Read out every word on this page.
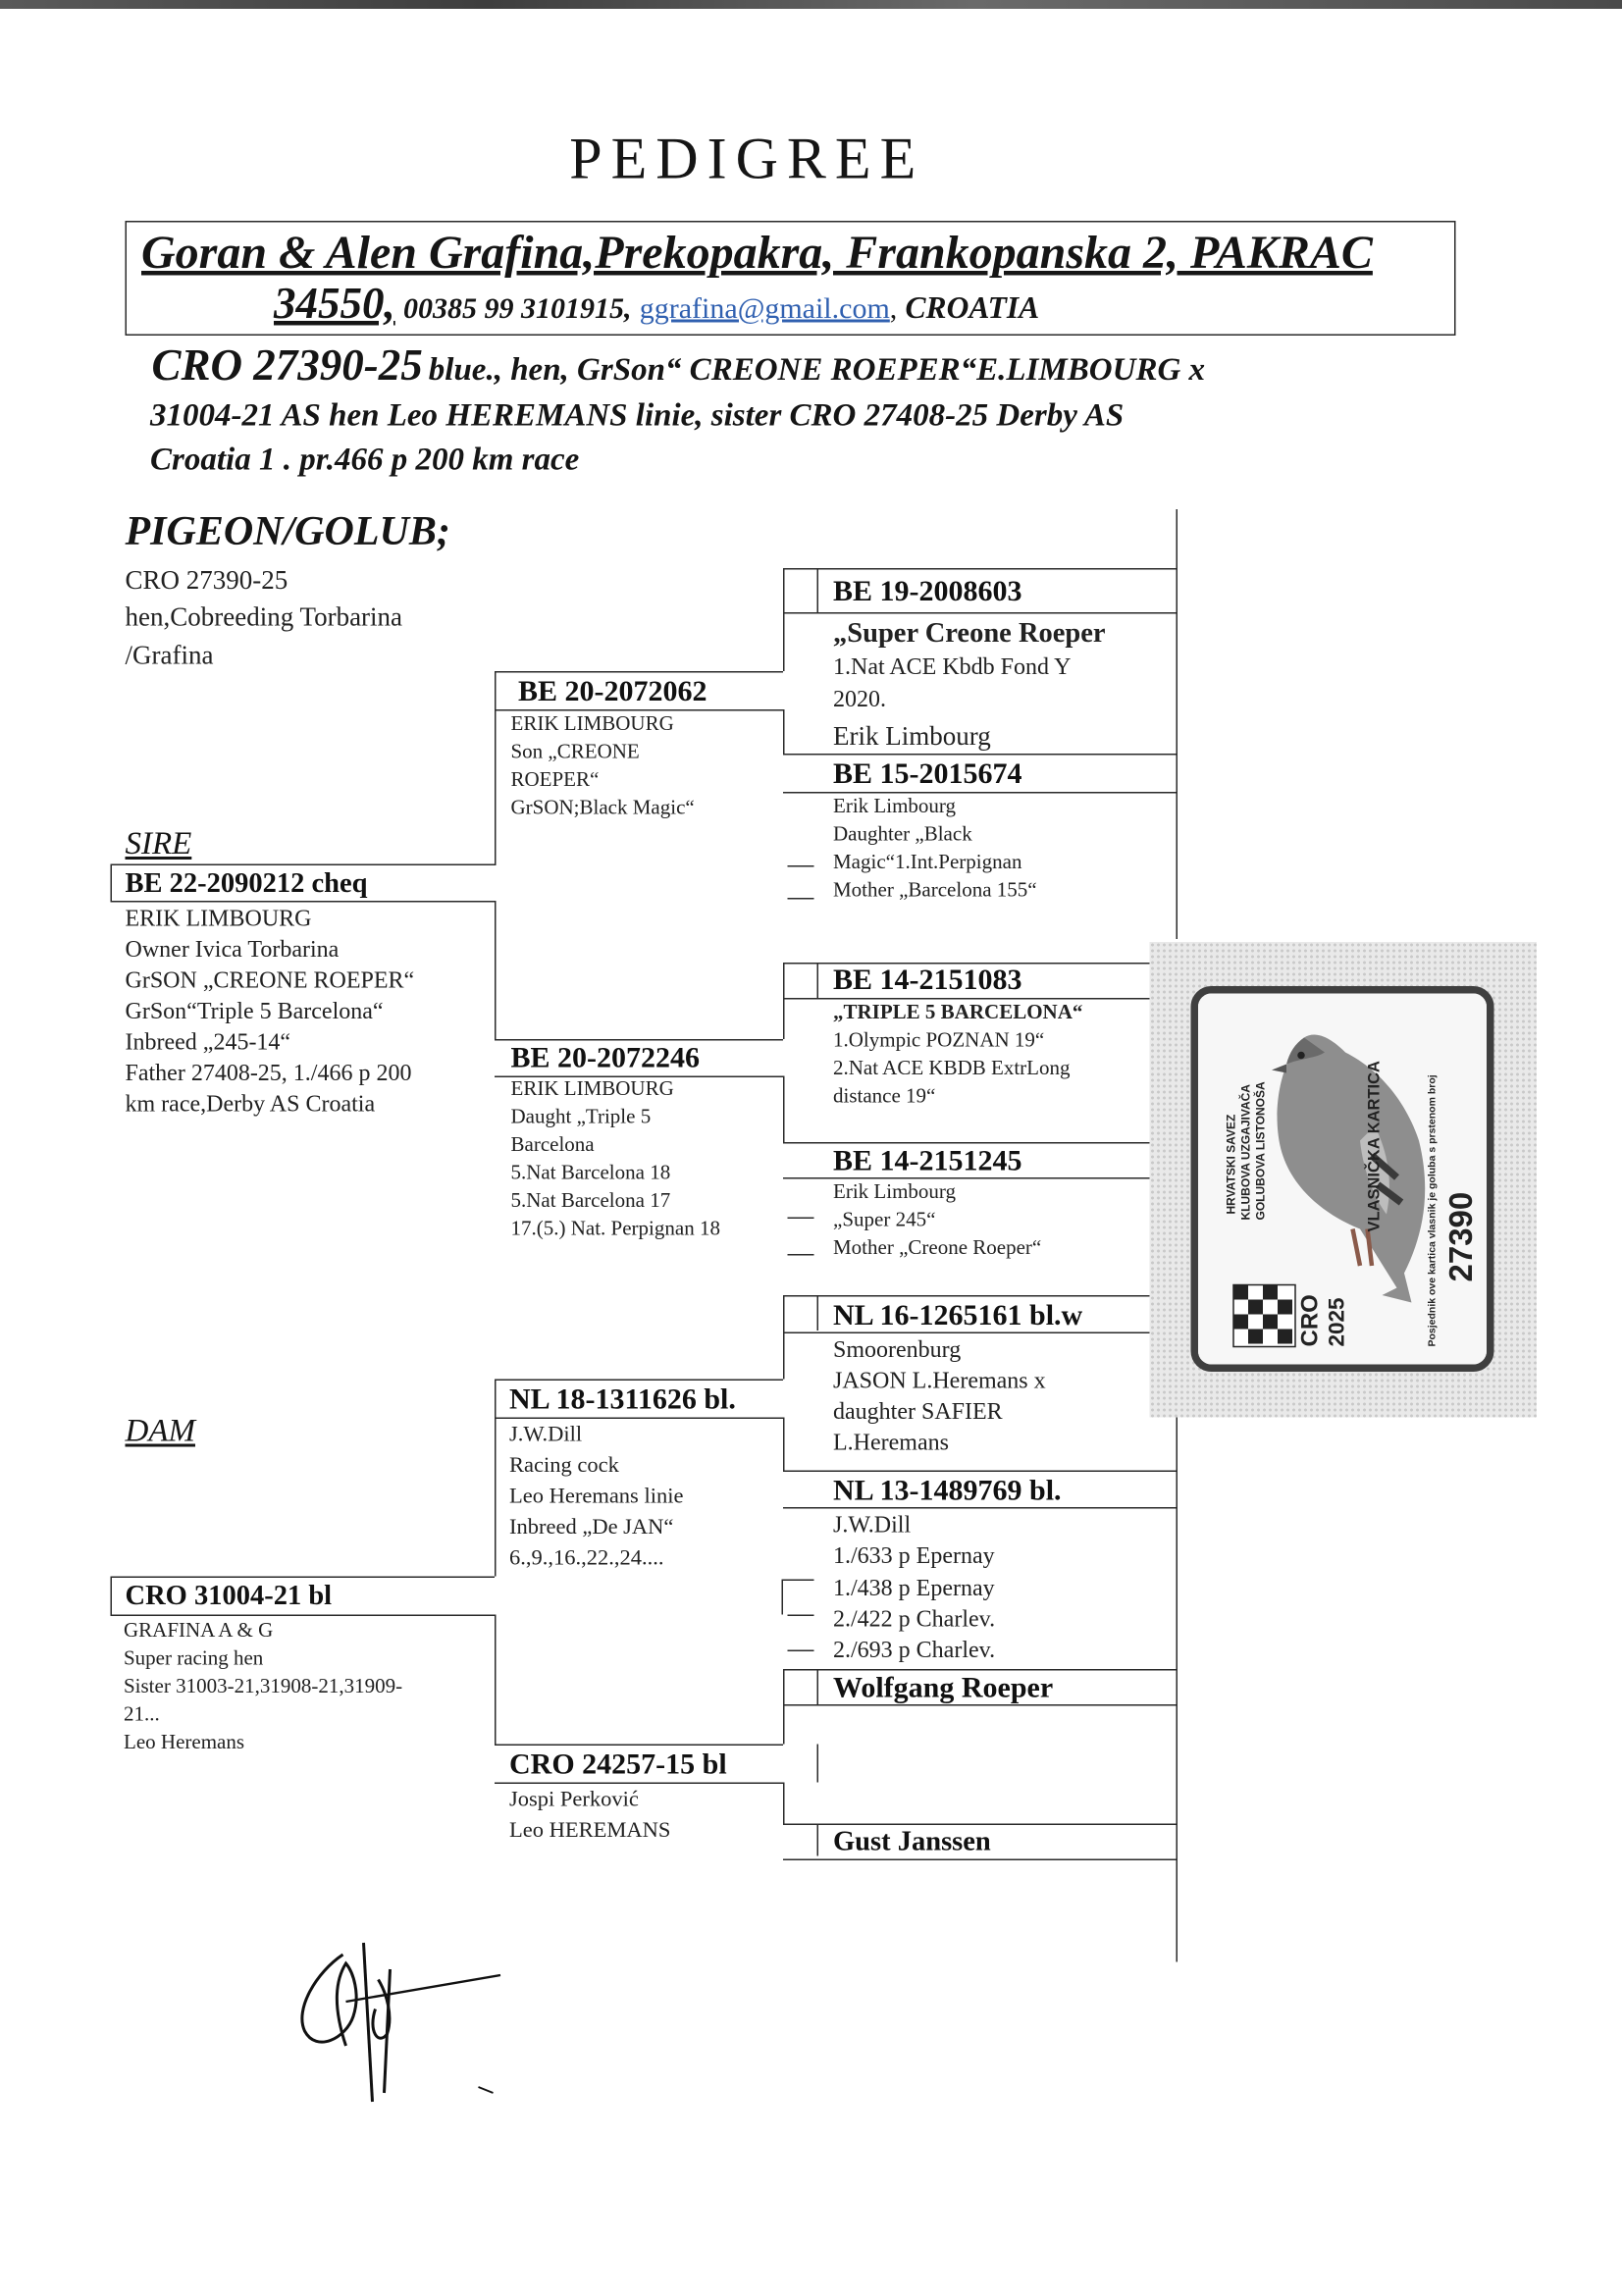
PEDIGREE
Goran & Alen Grafina,Prekopakra, Frankopanska 2, PAKRAC
34550, 00385 99 3101915, ggrafina@gmail.com, CROATIA
CRO 27390-25 blue., hen, GrSon“ CREONE ROEPER“E.LIMBOURG x
31004-21 AS hen Leo HEREMANS linie, sister CRO 27408-25 Derby AS
Croatia 1 . pr.466 p 200 km race
PIGEON/GOLUB;
CRO 27390-25
hen,Cobreeding Torbarina
/Grafina
SIRE
BE 22-2090212 cheq
ERIK LIMBOURG
Owner Ivica Torbarina
GrSON „CREONE ROEPER“
GrSon“Triple 5 Barcelona“
Inbreed „245-14“
Father 27408-25, 1./466 p 200
km race,Derby AS Croatia
DAM
CRO 31004-21 bl
GRAFINA A & G
Super racing hen
Sister 31003-21,31908-21,31909-
21...
Leo Heremans
BE 20-2072062
ERIK LIMBOURG
Son „CREONE
ROEPER“
GrSON;Black Magic“
BE 20-2072246
ERIK LIMBOURG
Daught „Triple 5
Barcelona
5.Nat Barcelona 18
5.Nat Barcelona 17
17.(5.) Nat. Perpignan 18
NL 18-1311626 bl.
J.W.Dill
Racing cock
Leo Heremans linie
Inbreed „De JAN“
6.,9.,16.,22.,24....
CRO 24257-15 bl
Jospi Perković
Leo HEREMANS
BE 19-2008603
„Super Creone Roeper
1.Nat ACE Kbdb Fond Y
2020.
Erik Limbourg
BE 15-2015674
Erik Limbourg
Daughter „Black
Magic“1.Int.Perpignan
Mother „Barcelona 155“
BE 14-2151083
„TRIPLE 5 BARCELONA“
1.Olympic POZNAN 19“
2.Nat ACE KBDB ExtrLong
distance 19“
BE 14-2151245
Erik Limbourg
„Super 245“
Mother „Creone Roeper“
NL 16-1265161 bl.w
Smoorenburg
JASON L.Heremans x
daughter SAFIER
L.Heremans
NL 13-1489769 bl.
J.W.Dill
1./633 p Epernay
1./438 p Epernay
2./422 p Charlev.
2./693 p Charlev.
Wolfgang Roeper
Gust Janssen
HRVATSKI SAVEZ KLUBOVA UZGAJIVAČA GOLUBOVA LISTONOŠA	VLASNIČKA KARTICA	Posjednik ove kartica vlasnik je goluba s prstenom broj 27390
CRO 2025
